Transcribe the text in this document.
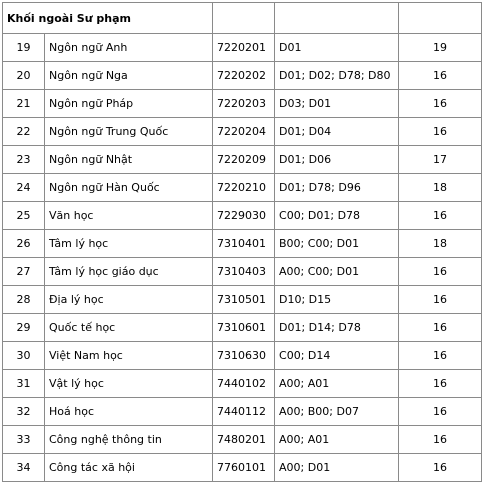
Khối ngoài Sư phạm				
19	Ngôn ngữ Anh	7220201	D01	19
20	Ngôn ngữ Nga	7220202	D01; D02; D78; D80	16
21	Ngôn ngữ Pháp	7220203	D03; D01	16
22	Ngôn ngữ Trung Quốc	7220204	D01; D04	16
23	Ngôn ngữ Nhật	7220209	D01; D06	17
24	Ngôn ngữ Hàn Quốc	7220210	D01; D78; D96	18
25	Văn học	7229030	C00; D01; D78	16
26	Tâm lý học	7310401	B00; C00; D01	18
27	Tâm lý học giáo dục	7310403	A00; C00; D01	16
28	Địa lý học	7310501	D10; D15	16
29	Quốc tế học	7310601	D01; D14; D78	16
30	Việt Nam học	7310630	C00; D14	16
31	Vật lý học	7440102	A00; A01	16
32	Hoá học	7440112	A00; B00; D07	16
33	Công nghệ thông tin	7480201	A00; A01	16
34	Công tác xã hội	7760101	A00; D01	16
